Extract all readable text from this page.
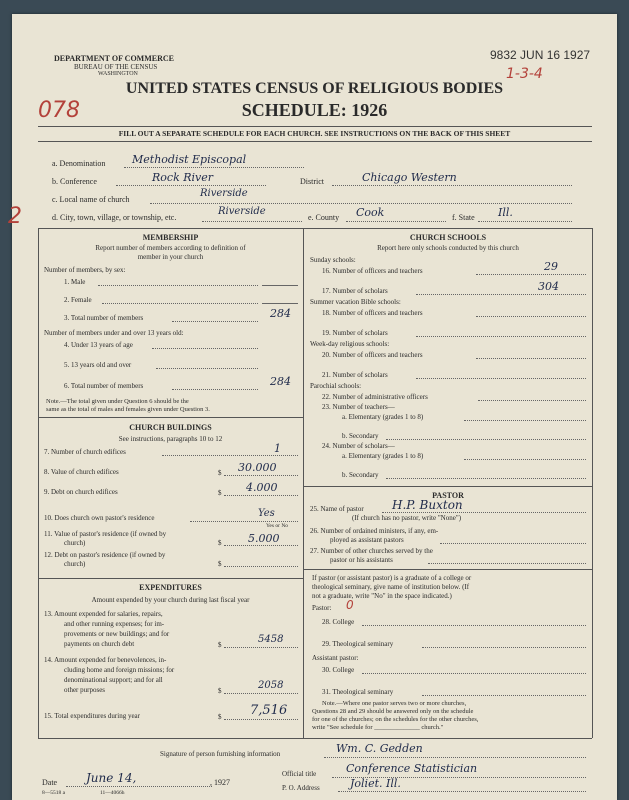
DEPARTMENT OF COMMERCE
BUREAU OF THE CENSUS
WASHINGTON
9832 JUN 16 1927
1-3-4
078
2
UNITED STATES CENSUS OF RELIGIOUS BODIES
SCHEDULE: 1926
FILL OUT A SEPARATE SCHEDULE FOR EACH CHURCH. SEE INSTRUCTIONS ON THE BACK OF THIS SHEET
a. Denomination Methodist Episcopal
b. Conference	Rock River	District	Chicago Western
c. Local name of church
Riverside
d. City, town, village, or township, etc.
Riverside
e. County Cook	f. State Ill.
MEMBERSHIP
Report number of members according to definition of
member in your church
Number of members, by sex:
1. Male
2. Female
3. Total number of members	284
Number of members under and over 13 years old:
4. Under 13 years of age
5. 13 years old and over
6. Total number of members	284
Note.—The total given under Question 6 should be the
same as the total of males and females given under Question 3.
CHURCH BUILDINGS
See instructions, paragraphs 10 to 12
7. Number of church edifices	1
8. Value of church edifices	$ 30.000
9. Debt on church edifices	$ 4.000
10. Does church own pastor's residence	Yes
Yes or No
11. Value of pastor's residence (if owned by
church)	$ 5.000
12. Debt on pastor's residence (if owned by
church)	$
EXPENDITURES
Amount expended by your church during last fiscal year
13. Amount expended for salaries, repairs,
and other running expenses; for im-
provements or new buildings; and for
payments on church debt	$	5458
14. Amount expended for benevolences, in-
cluding home and foreign missions; for
denominational support; and for all
other purposes	$	2058
15. Total expenditures during year	$ 7,516
CHURCH SCHOOLS
Report here only schools conducted by this church
Sunday schools:
16. Number of officers and teachers	29
17. Number of scholars	304
Summer vacation Bible schools:
18. Number of officers and teachers
19. Number of scholars
Week-day religious schools:
20. Number of officers and teachers
21. Number of scholars
Parochial schools:
22. Number of administrative officers
23. Number of teachers—
a. Elementary (grades 1 to 8)
b. Secondary
24. Number of scholars—
a. Elementary (grades 1 to 8)
b. Secondary
PASTOR
25. Name of pastor H.P. Buxton
(If church has no pastor, write "None")
26. Number of ordained ministers, if any, em-
ployed as assistant pastors
27. Number of other churches served by the
pastor or his assistants
If pastor (or assistant pastor) is a graduate of a college or
theological seminary, give name of institution below. (If
not a graduate, write "No" in the space indicated.)
Pastor: 0
28. College
29. Theological seminary
Assistant pastor:
30. College
31. Theological seminary
Note.—Where one pastor serves two or more churches,
Questions 28 and 29 should be answered only on the schedule
for one of the churches; on the schedules for the other churches,
write "See schedule for ______________ church."
Signature of person furnishing information	Wm. C. Gedden
Official title	Conference Statistician
Date June 14,	, 1927
8—5518 a	11—4066h
P. O. Address	Joliet. Ill.
